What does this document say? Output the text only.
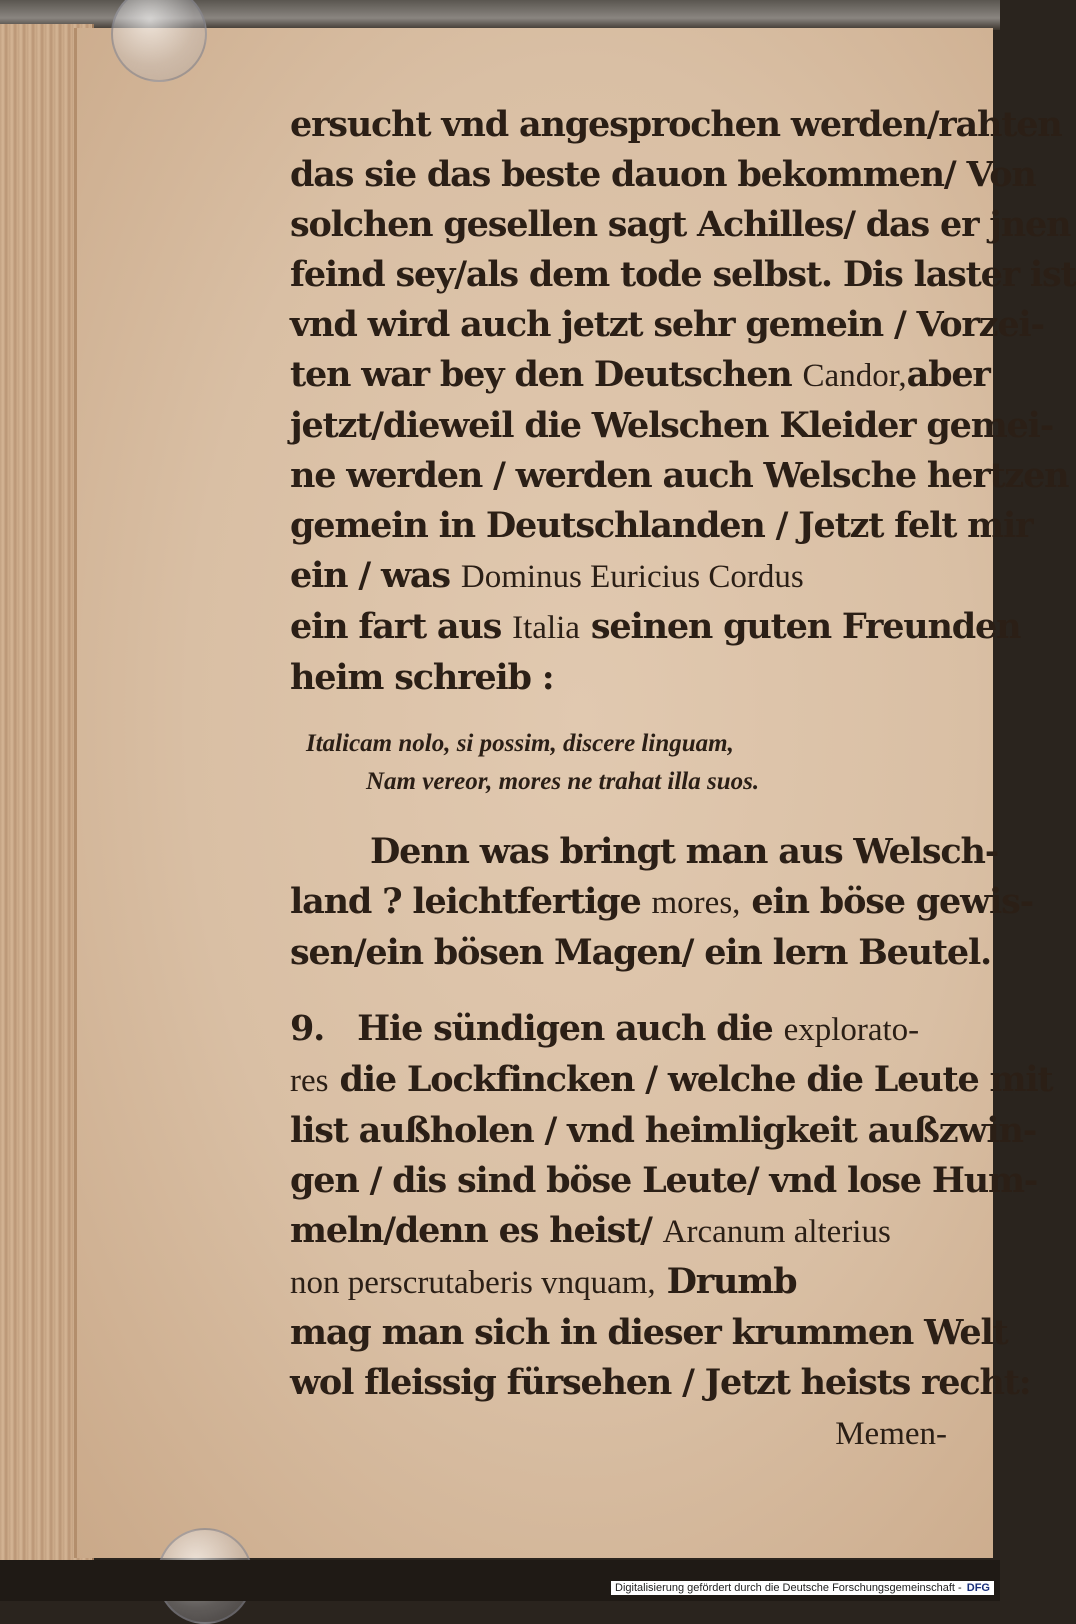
ersucht vnd angesprochen werden/rahten
das sie das beste dauon bekommen/ Von
solchen gesellen sagt Achilles/ das er jnen
feind sey/als dem tode selbst. Dis laster ist
vnd wird auch jetzt sehr gemein / Vorzei-
ten war bey den Deutschen Candor,aber
jetzt/dieweil die Welschen Kleider gemei-
ne werden / werden auch Welsche hertzen
gemein in Deutschlanden / Jetzt felt mir
ein / was Dominus Euricius Cordus
ein fart aus Italia seinen guten Freunden
heim schreib :
Italicam nolo, si possim, discere linguam,
Nam vereor, mores ne trahat illa suos.
Denn was bringt man aus Welsch-
land ? leichtfertige mores, ein böse gewis-
sen/ein bösen Magen/ ein lern Beutel.
9. Hie sündigen auch die explorato-
res die Lockfincken / welche die Leute mit
list außholen / vnd heimligkeit außzwin-
gen / dis sind böse Leute/ vnd lose Hum-
meln/denn es heist/ Arcanum alterius
non perscrutaberis vnquam, Drumb
mag man sich in dieser krummen Welt
wol fleissig fürsehen / Jetzt heists recht:
Memen-
Digitalisierung gefördert durch die Deutsche Forschungsgemeinschaft - DFG
